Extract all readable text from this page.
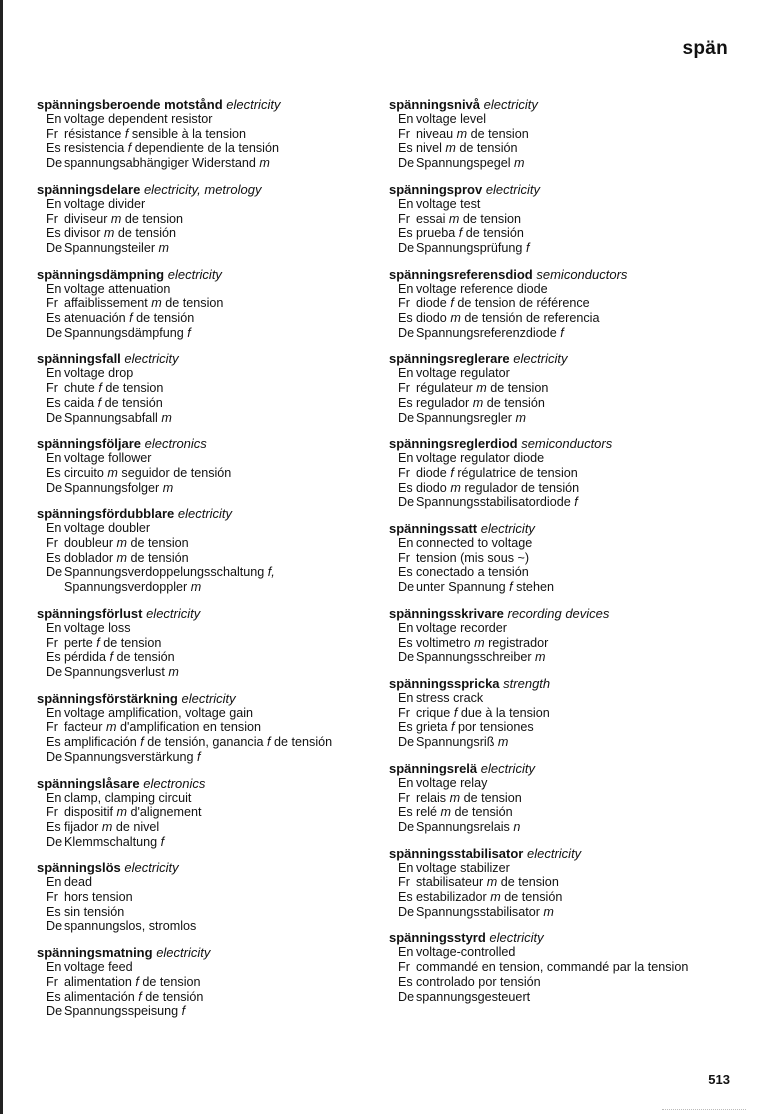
spän
spänningsberoende motstånd electricity
En voltage dependent resistor
Fr résistance f sensible à la tension
Es resistencia f dependiente de la tensión
De spannungsabhängiger Widerstand m
spänningsdelare electricity, metrology
En voltage divider
Fr diviseur m de tension
Es divisor m de tensión
De Spannungsteiler m
spänningsdämpning electricity
En voltage attenuation
Fr affaiblissement m de tension
Es atenuación f de tensión
De Spannungsdämpfung f
spänningsfall electricity
En voltage drop
Fr chute f de tension
Es caida f de tensión
De Spannungsabfall m
spänningsföljare electronics
En voltage follower
Es circuito m seguidor de tensión
De Spannungsfolger m
spänningsfördubblare electricity
En voltage doubler
Fr doubleur m de tension
Es doblador m de tensión
De Spannungsverdoppelungsschaltung f,
Spannungsverdoppler m
spänningsförlust electricity
En voltage loss
Fr perte f de tension
Es pérdida f de tensión
De Spannungsverlust m
spänningsförstärkning electricity
En voltage amplification, voltage gain
Fr facteur m d'amplification en tension
Es amplificación f de tensión, ganancia f de tensión
De Spannungsverstärkung f
spänningslåsare electronics
En clamp, clamping circuit
Fr dispositif m d'alignement
Es fijador m de nivel
De Klemmschaltung f
spänningslös electricity
En dead
Fr hors tension
Es sin tensión
De spannungslos, stromlos
spänningsmatning electricity
En voltage feed
Fr alimentation f de tension
Es alimentación f de tensión
De Spannungsspeisung f
spänningsnivå electricity
En voltage level
Fr niveau m de tension
Es nivel m de tensión
De Spannungspegel m
spänningsprov electricity
En voltage test
Fr essai m de tension
Es prueba f de tensión
De Spannungsprüfung f
spänningsreferensdiod semiconductors
En voltage reference diode
Fr diode f de tension de référence
Es diodo m de tensión de referencia
De Spannungsreferenzdiode f
spänningsreglerare electricity
En voltage regulator
Fr régulateur m de tension
Es regulador m de tensión
De Spannungsregler m
spänningsreglerdiod semiconductors
En voltage regulator diode
Fr diode f régulatrice de tension
Es diodo m regulador de tensión
De Spannungsstabilisatordiode f
spänningssatt electricity
En connected to voltage
Fr tension (mis sous ~)
Es conectado a tensión
De unter Spannung f stehen
spänningsskrivare recording devices
En voltage recorder
Es voltimetro m registrador
De Spannungsschreiber m
spänningsspricka strength
En stress crack
Fr crique f due à la tension
Es grieta f por tensiones
De Spannungsriß m
spänningsrelä electricity
En voltage relay
Fr relais m de tension
Es relé m de tensión
De Spannungsrelais n
spänningsstabilisator electricity
En voltage stabilizer
Fr stabilisateur m de tension
Es estabilizador m de tensión
De Spannungsstabilisator m
spänningsstyrd electricity
En voltage-controlled
Fr commandé en tension, commandé par la tension
Es controlado por tensión
De spannungsgesteuert
513
